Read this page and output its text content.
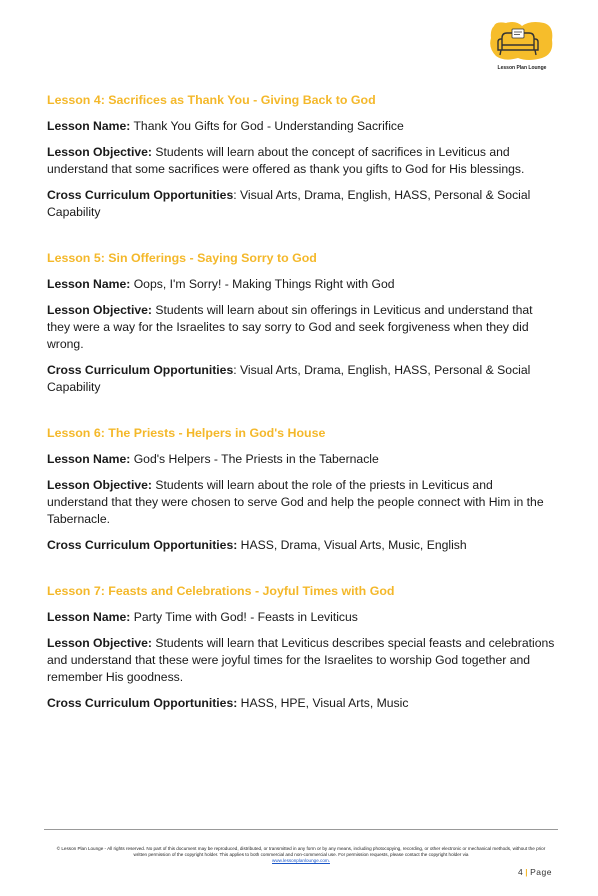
Lesson Plan Lounge

Lesson 4: Sacrifices as Thank You - Giving Back to God

Lesson Name: Thank You Gifts for God - Understanding Sacrifice

Lesson Objective: Students will learn about the concept of sacrifices in Leviticus and understand that some sacrifices were offered as thank you gifts to God for His blessings.

Cross Curriculum Opportunities: Visual Arts, Drama, English, HASS, Personal & Social Capability

Lesson 5: Sin Offerings - Saying Sorry to God

Lesson Name: Oops, I'm Sorry! - Making Things Right with God

Lesson Objective: Students will learn about sin offerings in Leviticus and understand that they were a way for the Israelites to say sorry to God and seek forgiveness when they did wrong.

Cross Curriculum Opportunities: Visual Arts, Drama, English, HASS, Personal & Social Capability

Lesson 6: The Priests - Helpers in God's House

Lesson Name: God's Helpers - The Priests in the Tabernacle

Lesson Objective: Students will learn about the role of the priests in Leviticus and understand that they were chosen to serve God and help the people connect with Him in the Tabernacle.

Cross Curriculum Opportunities: HASS, Drama, Visual Arts, Music, English

Lesson 7: Feasts and Celebrations - Joyful Times with God

Lesson Name: Party Time with God! - Feasts in Leviticus

Lesson Objective: Students will learn that Leviticus describes special feasts and celebrations and understand that these were joyful times for the Israelites to worship God together and remember His goodness.

Cross Curriculum Opportunities: HASS, HPE, Visual Arts, Music

© Lesson Plan Lounge - All rights reserved. No part of this document may be reproduced, distributed, or transmitted in any form or by any means, including photocopying, recording, or other electronic or mechanical methods, without the prior written permission of the copyright holder. This applies to both commercial and non-commercial use. For permission requests, please contact the copyright holder via
www.lessonplanlounge.com.
4 | Page
